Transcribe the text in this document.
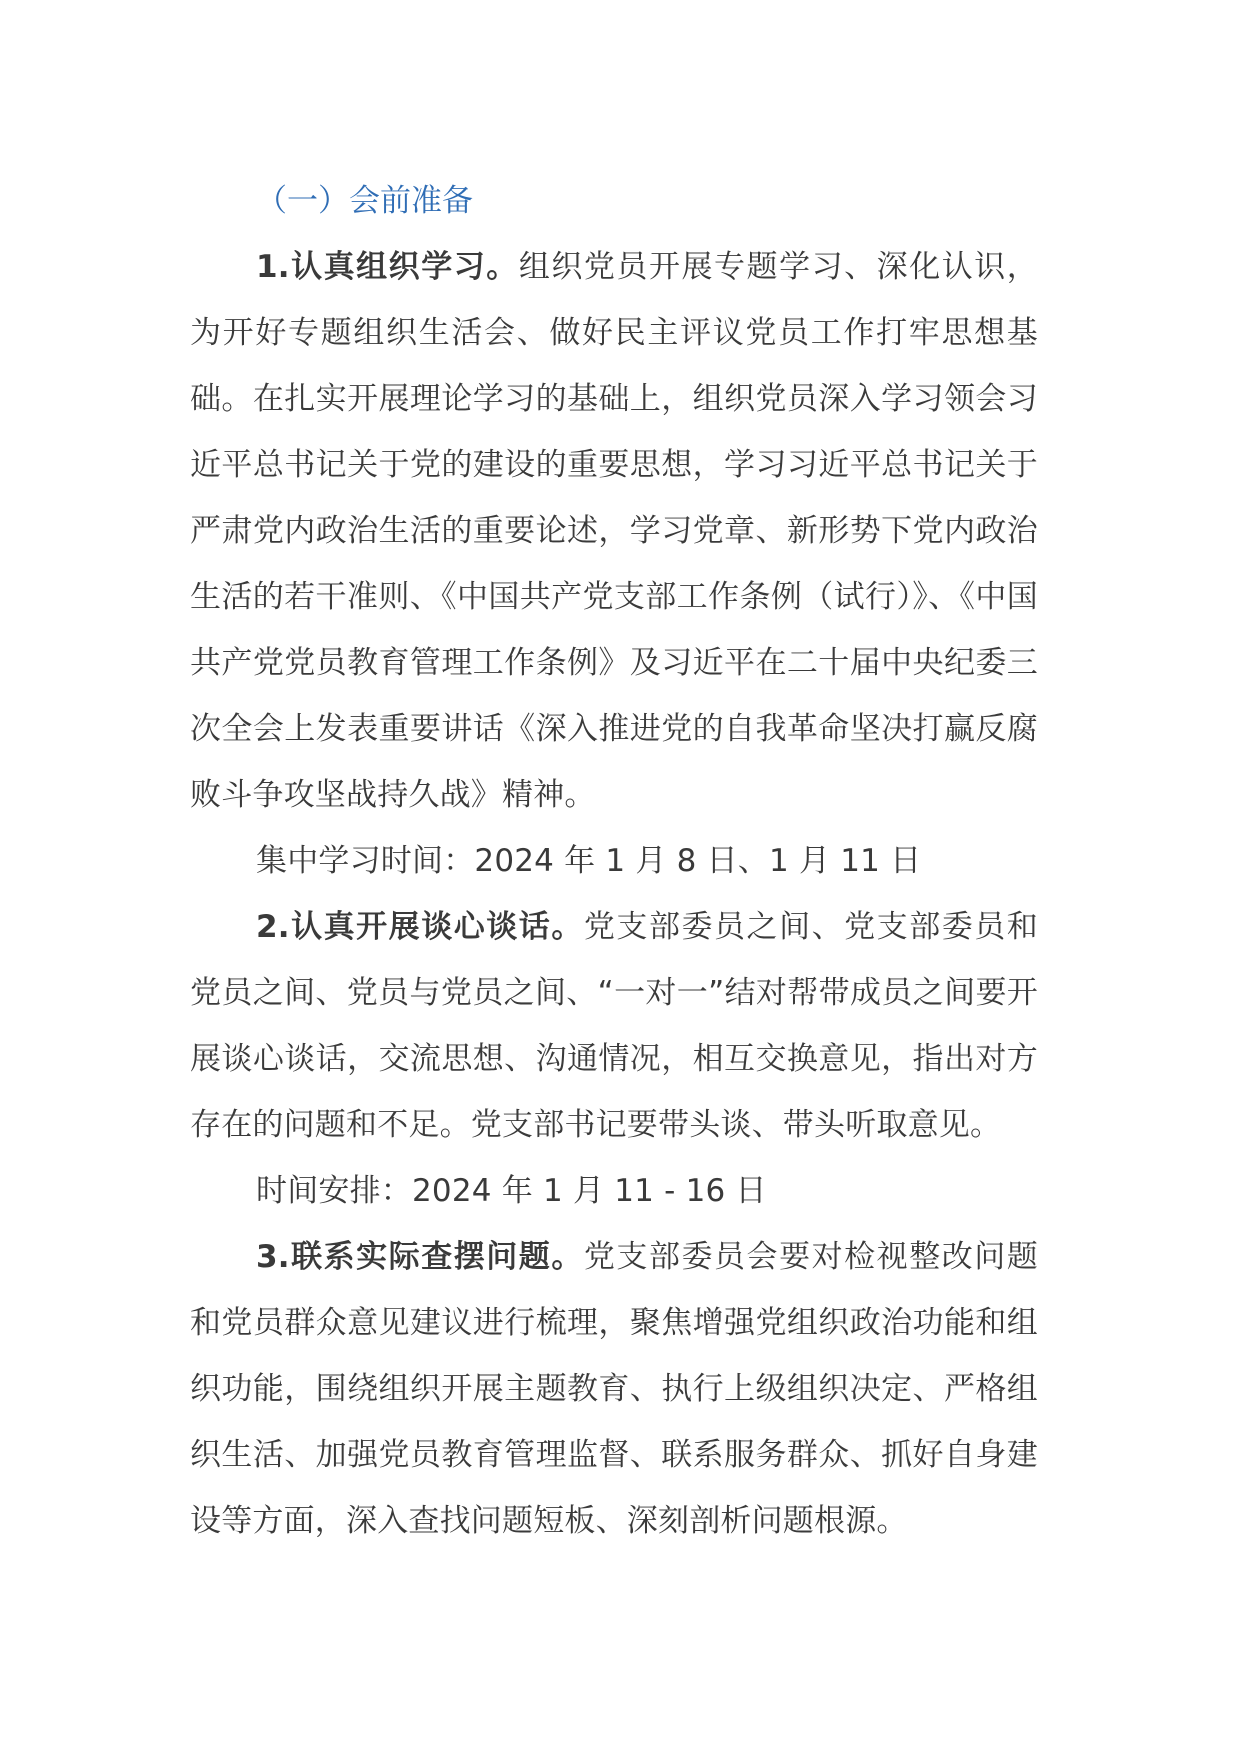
（一）会前准备

1.认真组织学习。组织党员开展专题学习、深化认识，为开好专题组织生活会、做好民主评议党员工作打牢思想基础。在扎实开展理论学习的基础上，组织党员深入学习领会习近平总书记关于党的建设的重要思想，学习习近平总书记关于严肃党内政治生活的重要论述，学习党章、新形势下党内政治生活的若干准则、《中国共产党支部工作条例（试行）》、《中国共产党党员教育管理工作条例》及习近平在二十届中央纪委三次全会上发表重要讲话《深入推进党的自我革命坚决打赢反腐败斗争攻坚战持久战》精神。

集中学习时间：2024 年 1 月 8 日、1 月 11 日

2.认真开展谈心谈话。党支部委员之间、党支部委员和党员之间、党员与党员之间、“一对一”结对帮带成员之间要开展谈心谈话，交流思想、沟通情况，相互交换意见，指出对方存在的问题和不足。党支部书记要带头谈、带头听取意见。

时间安排：2024 年 1 月 11 - 16 日

3.联系实际查摆问题。党支部委员会要对检视整改问题和党员群众意见建议进行梳理，聚焦增强党组织政治功能和组织功能，围绕组织开展主题教育、执行上级组织决定、严格组织生活、加强党员教育管理监督、联系服务群众、抓好自身建设等方面，深入查找问题短板、深刻剖析问题根源。
